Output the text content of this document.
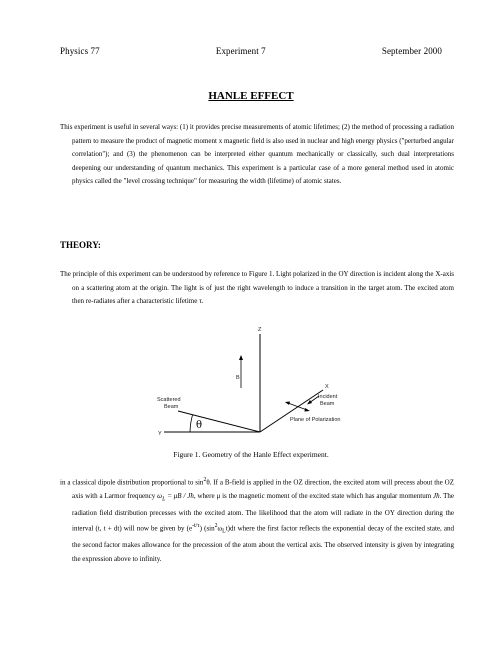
Physics 77	Experiment 7	September 2000
HANLE EFFECT
This experiment is useful in several ways: (1) it provides precise measurements of atomic lifetimes; (2) the method of processing a radiation pattern to measure the product of magnetic moment x magnetic field is also used in nuclear and high energy physics ("perturbed angular correlation"); and (3) the phenomenon can be interpreted either quantum mechanically or classically, such dual interpretations deepening our understanding of quantum mechanics. This experiment is a particular case of a more general method used in atomic physics called the "level crossing technique" for measuring the width (lifetime) of atomic states.
THEORY:
The principle of this experiment can be understood by reference to Figure 1. Light polarized in the OY direction is incident along the X-axis on a scattering atom at the origin. The light is of just the right wavelength to induce a transition in the target atom. The excited atom then re-radiates after a characteristic lifetime τ.
Z
B
Y
X
Incident
Beam
Plane of Polarization
Scattered
Beam
θ
Figure 1. Geometry of the Hanle Effect experiment.
in a classical dipole distribution proportional to $\sin^2\theta$. If a B-field is applied in the OZ direction, the excited atom will precess about the OZ axis with a Larmor frequency $\omega_L = \mu B$ / Jħ, where μ is the magnetic moment of the excited state which has angular momentum Jħ. The radiation field distribution precesses with the excited atom. The likelihood that the atom will radiate in the OY direction during the interval (t, t + dt) will now be given by $(e^{-t/\tau})$ $(\sin^2\omega_Lt)dt$ where the first factor reflects the exponential decay of the excited state, and the second factor makes allowance for the precession of the atom about the vertical axis. The observed intensity is given by integrating the expression above to infinity.
